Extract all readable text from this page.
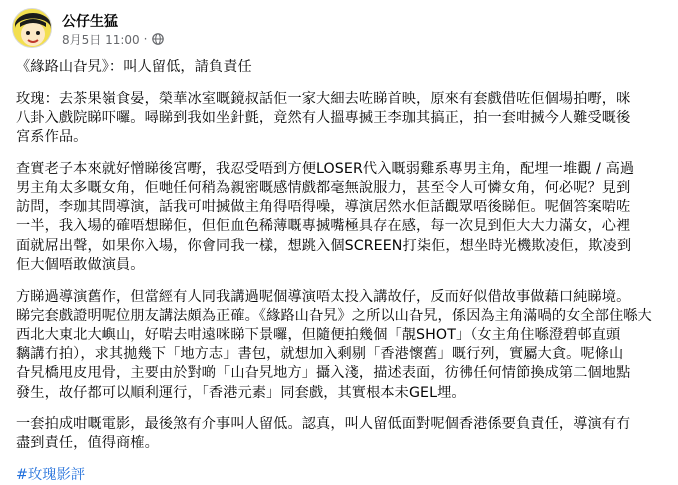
公仔生猛
8月5日 11:00 ·

《緣路山旮旯》：叫人留低，請負責任

玫瑰：去茶果嶺食晏，榮華冰室嘅鏡叔話佢一家大細去咗睇首映，原來有套戲借咗佢個場拍嘢，咪
八卦入戲院睇吓囉。噚睇到我如坐針氈，竟然有人搵專搣王李珈其搞正，拍一套咁搣今人難受嘅後
宮系作品。

查實老子本來就好憎睇後宮嘢，我忍受唔到方便LOSER代入嘅弱雞系專男主角，配埋一堆觀 / 高過
男主角太多嘅女角，佢哋任何稍為親密嘅感情戲都毫無說服力，甚至令人可憐女角，何必呢？見到
訪問，李珈其問導演，話我可咁搣做主角得唔得噪，導演居然水佢話觀眾唔後睇佢。呢個答案啱咗
一半，我入場的確唔想睇佢，但佢血色稀薄嘅專搣嘴極具存在感，每一次見到佢大大力滿女，心裡
面就屌出聲，如果你入場，你會同我一樣，想跳入個SCREEN打柒佢，想坐時光機欺凌佢，欺凌到
佢大個唔敢做演員。

方睇過導演舊作，但當經有人同我講過呢個導演唔太投入講故仔，反而好似借故事做藉口純睇境。
睇完套戲證明呢位朋友講法頗為正確。《緣路山旮旯》之所以山旮旯，係因為主角滿喎的女全部住喺大
西北大東北大嶼山，好啱去咁遠咪睇下景囉，但隨便拍幾個「靚SHOT」（女主角住喺澄碧邨直頭
黐講冇拍），求其拋幾下「地方志」書包，就想加入剩剔「香港懷舊」嘅行列，實屬大貪。呢條山
旮旯橋甩皮甩骨，主要由於對啲「山旮旯地方」攝入淺，描述表面，彷彿任何情節換成第二個地點
發生，故仔都可以順利運行，「香港元素」同套戲，其實根本未GEL埋。

一套拍成咁嘅電影，最後煞有介事叫人留低。認真，叫人留低面對呢個香港係要負責任，導演有冇
盡到責任，值得商榷。

#玫瑰影評
